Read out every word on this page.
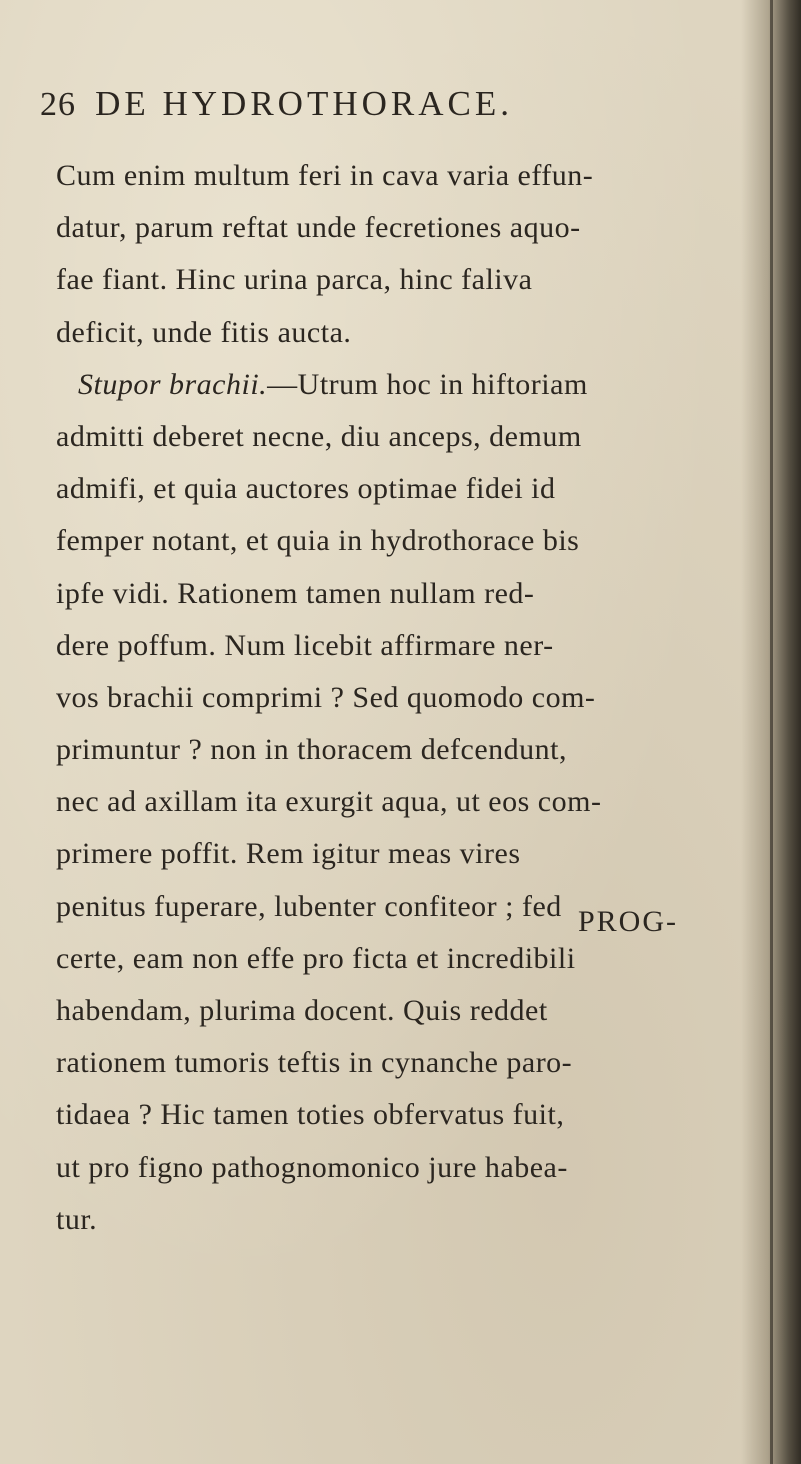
26 DE HYDROTHORACE.
Cum enim multum feri in cava varia effun-
datur, parum reftat unde fecretiones aquo-
fae fiant. Hinc urina parca, hinc faliva
deficit, unde fitis aucta.
Stupor brachii.—Utrum hoc in hiftoriam
admitti deberet necne, diu anceps, demum
admifi, et quia auctores optimae fidei id
femper notant, et quia in hydrothorace bis
ipfe vidi. Rationem tamen nullam red-
dere poffum. Num licebit affirmare ner-
vos brachii comprimi ? Sed quomodo com-
primuntur ? non in thoracem defcendunt,
nec ad axillam ita exurgit aqua, ut eos com-
primere poffit. Rem igitur meas vires
penitus fuperare, lubenter confiteor ; fed
certe, eam non effe pro ficta et incredibili
habendam, plurima docent. Quis reddet
rationem tumoris teftis in cynanche paro-
tidaea ? Hic tamen toties obfervatus fuit,
ut pro figno pathognomonico jure habea-
tur.
PROG-
